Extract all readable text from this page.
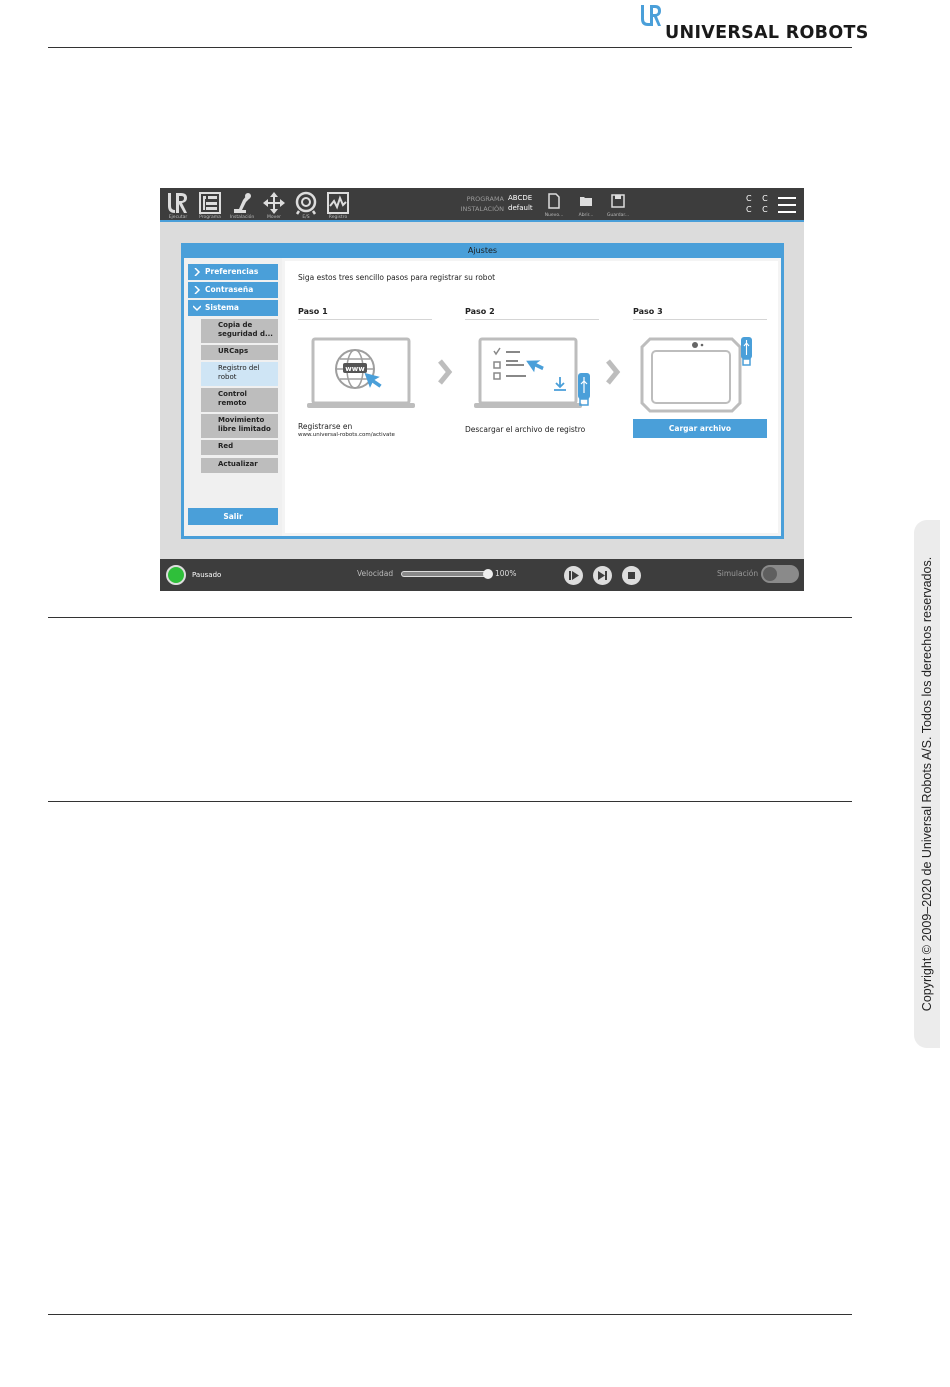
UNIVERSAL ROBOTS
Copyright © 2009–2020 de Universal Robots A/S. Todos los derechos reservados.
Ejecutar	Programa	Instalación	Mover	E/S	Registro
PROGRAMA ABCDE
INSTALACIÓN default
Nuevo...	Abrir...	Guardar...
C C
C C
Ajustes
Preferencias
Contraseña
Sistema
Copia de
seguridad d...
URCaps
Registro del
robot
Control
remoto
Movimiento
libre limitado
Red
Actualizar
Salir
Siga estos tres sencillo pasos para registrar su robot
Paso 1	Paso 2	Paso 3
www
Registrarse en
www.universal-robots.com/activate
Descargar el archivo de registro	Cargar archivo
Pausado	Velocidad	100%	Simulación
